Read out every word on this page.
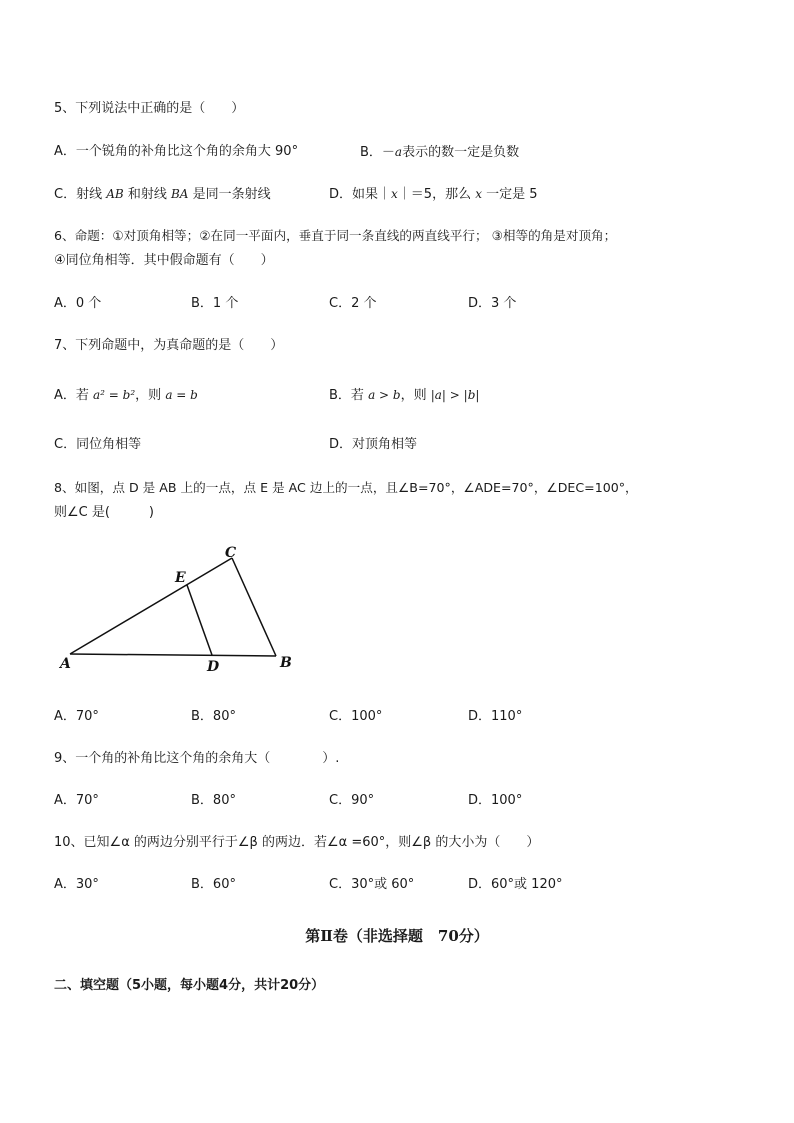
5、下列说法中正确的是（　　）
A．一个锐角的补角比这个角的余角大 90°	B．－a表示的数一定是负数
C．射线 AB 和射线 BA 是同一条射线	D．如果｜x｜＝5，那么 x 一定是 5
6、命题：①对顶角相等；②在同一平面内，垂直于同一条直线的两直线平行； ③相等的角是对顶角；
④同位角相等．其中假命题有（　　）
A．0 个	B．1 个	C．2 个	D．3 个
7、下列命题中，为真命题的是（　　）
A．若 a² = b²，则 a = b	B．若 a > b，则 |a| > |b|
C．同位角相等	D．对顶角相等
8、如图，点 D 是 AB 上的一点，点 E 是 AC 边上的一点，且∠B=70°，∠ADE=70°，∠DEC=100°，
则∠C 是(　　　)
A	B
C
D
E
A．70°	B．80°	C．100°	D．110°
9、一个角的补角比这个角的余角大（　　　　）.
A．70°	B．80°	C．90°	D．100°
10、已知∠α 的两边分别平行于∠β 的两边．若∠α =60°，则∠β 的大小为（　　）
A．30°	B．60°	C．30°或 60°	D．60°或 120°
第Ⅱ卷（非选择题　70分）
二、填空题（5小题，每小题4分，共计20分）
